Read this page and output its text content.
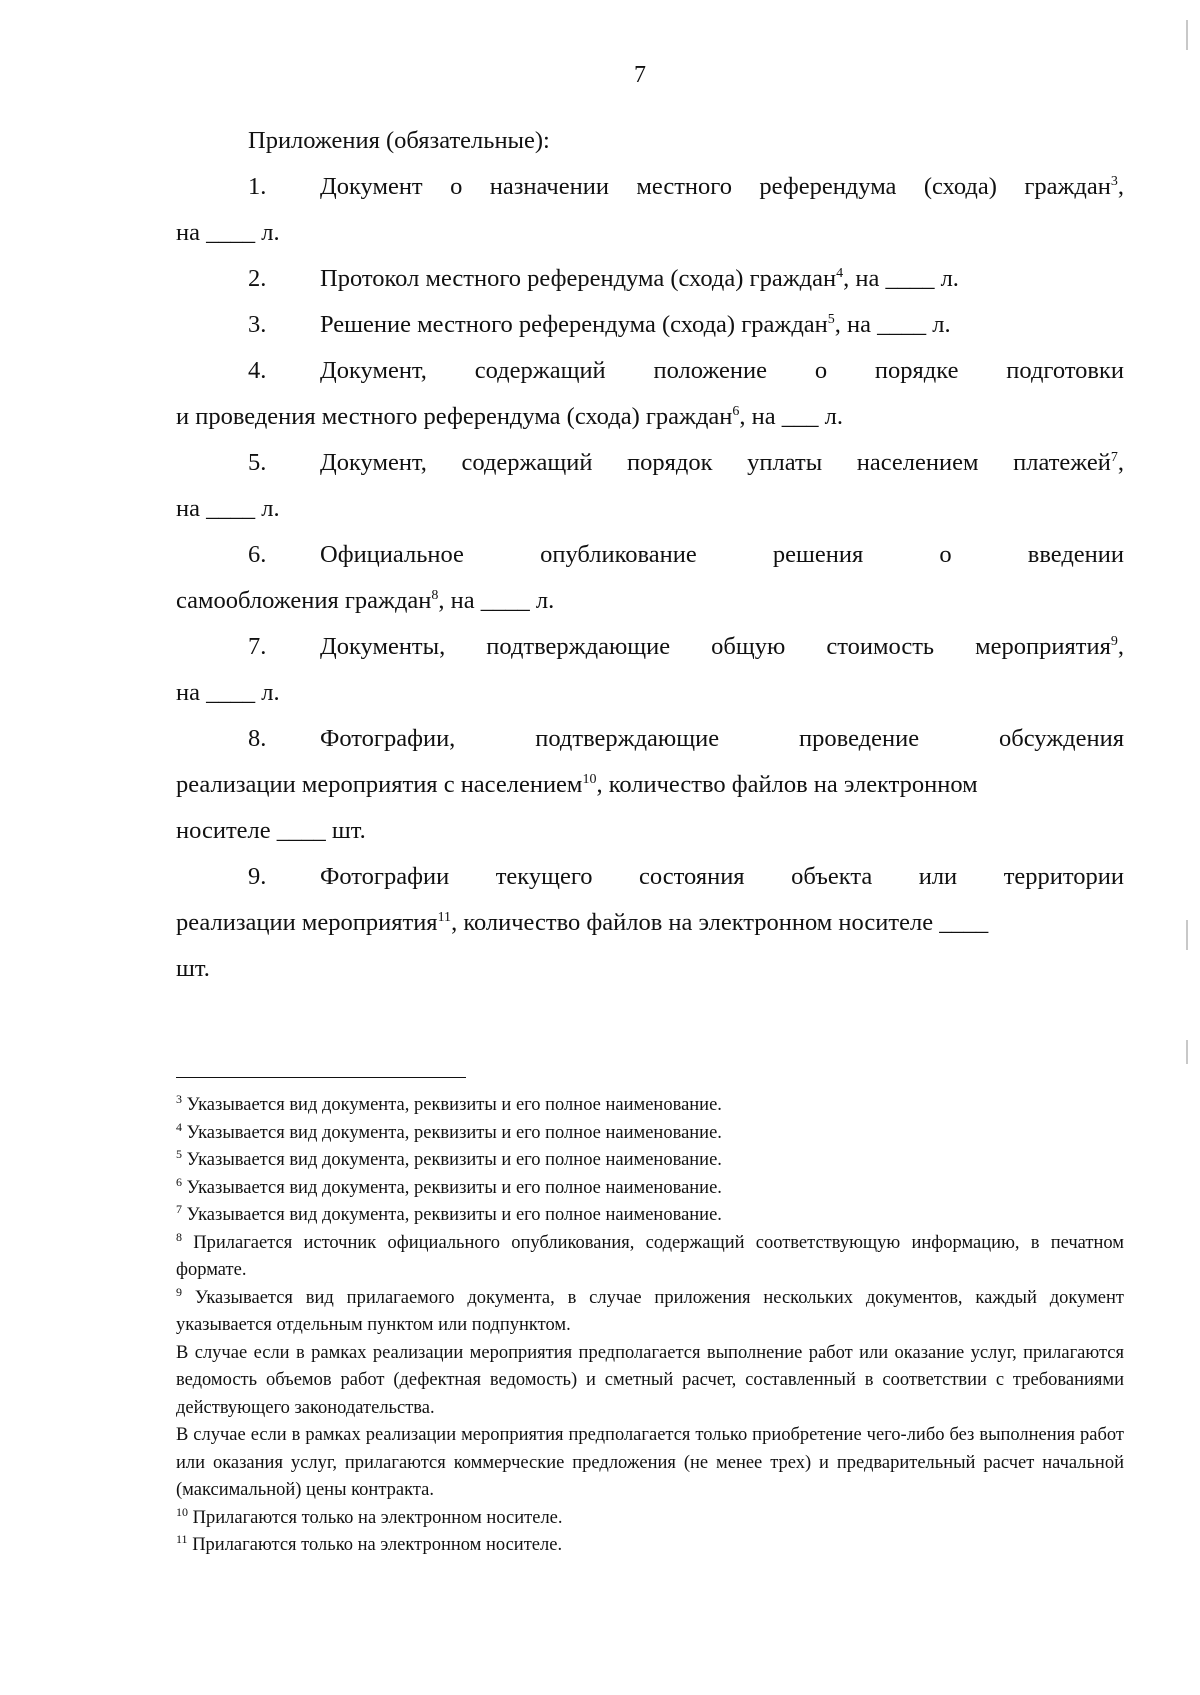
7
Приложения (обязательные):
1.	Документ о назначении местного референдума (схода) граждан$^3$,
на ____ л.
2.	Протокол местного референдума (схода) граждан$^4$, на ____ л.
3.	Решение местного референдума (схода) граждан$^5$, на ____ л.
4.	Документ, содержащий положение о порядке подготовки
и проведения местного референдума (схода) граждан$^6$, на ___ л.
5.	Документ, содержащий порядок уплаты населением платежей$^7$,
на ____ л.
6.	Официальное опубликование решения о введении
самообложения граждан$^8$, на ____ л.
7.	Документы, подтверждающие общую стоимость мероприятия$^9$,
на ____ л.
8.	Фотографии, подтверждающие проведение обсуждения
реализации мероприятия с населением$^{10}$, количество файлов на электронном
носителе ____ шт.
9.	Фотографии текущего состояния объекта или территории
реализации мероприятия$^{11}$, количество файлов на электронном носителе ____
шт.
$^3$ Указывается вид документа, реквизиты и его полное наименование.
$^4$ Указывается вид документа, реквизиты и его полное наименование.
$^5$ Указывается вид документа, реквизиты и его полное наименование.
$^6$ Указывается вид документа, реквизиты и его полное наименование.
$^7$ Указывается вид документа, реквизиты и его полное наименование.
$^8$ Прилагается источник официального опубликования, содержащий соответствующую информацию, в печатном формате.
$^9$ Указывается вид прилагаемого документа, в случае приложения нескольких документов, каждый документ указывается отдельным пунктом или подпунктом.
В случае если в рамках реализации мероприятия предполагается выполнение работ или оказание услуг, прилагаются ведомость объемов работ (дефектная ведомость) и сметный расчет, составленный в соответствии с требованиями действующего законодательства.
В случае если в рамках реализации мероприятия предполагается только приобретение чего-либо без выполнения работ или оказания услуг, прилагаются коммерческие предложения (не менее трех) и предварительный расчет начальной (максимальной) цены контракта.
$^{10}$ Прилагаются только на электронном носителе.
$^{11}$ Прилагаются только на электронном носителе.
